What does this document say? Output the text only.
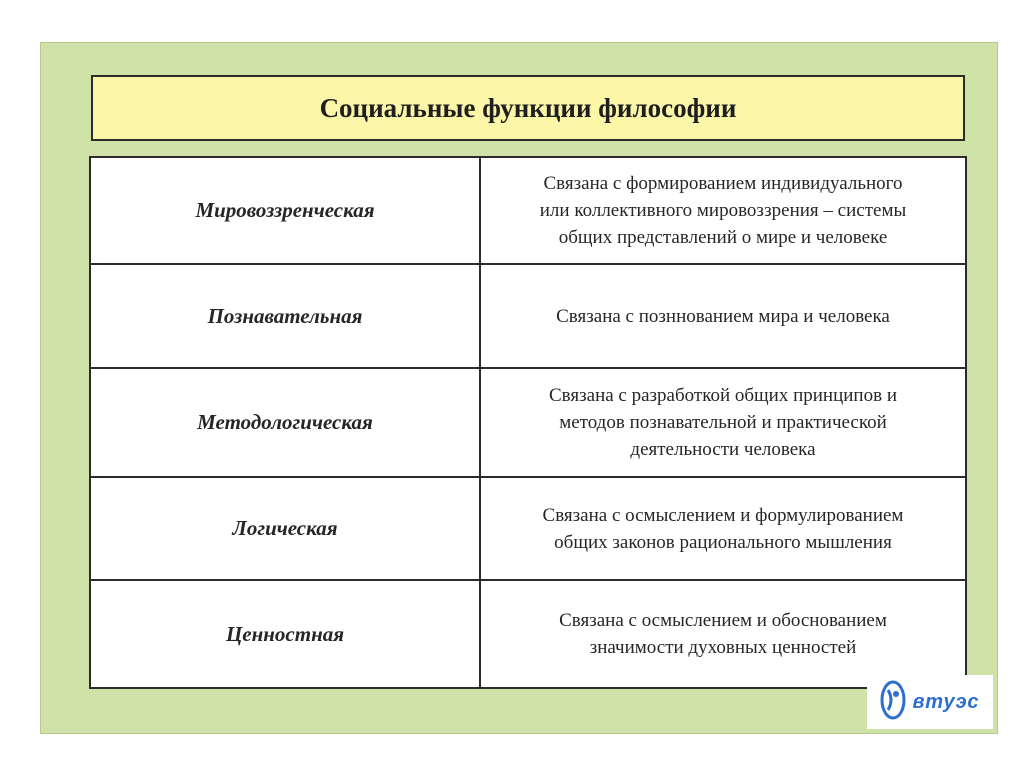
Социальные функции философии
Мировоззренческая	Связана с формированием индивидуального
или коллективного мировоззрения – системы
общих представлений о мире и человеке
Познавательная	Связана с позннованием мира и человека
Методологическая	Связана с разработкой общих принципов и
методов познавательной и практической
деятельности человека
Логическая	Связана с осмыслением и формулированием
общих законов рационального мышления
Ценностная	Связана с осмыслением и обоснованием
значимости духовных ценностей
втуэс
